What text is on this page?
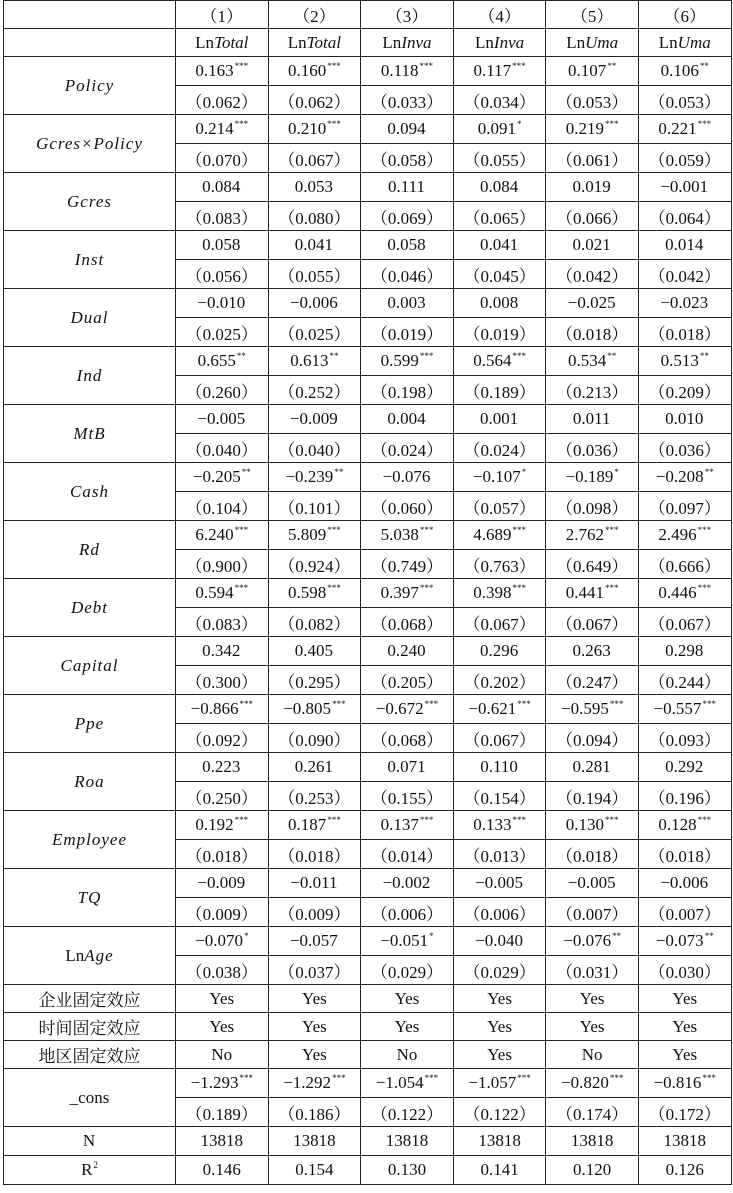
	（1）	（2）	（3）	（4）	（5）	（6）
	LnTotal	LnTotal	LnInva	LnInva	LnUma	LnUma
Policy	0.163***	0.160***	0.118***	0.117***	0.107**	0.106**
	（0.062）	（0.062）	（0.033）	（0.034）	（0.053）	（0.053）
Gcres×Policy	0.214***	0.210***	0.094	0.091*	0.219***	0.221***
	（0.070）	（0.067）	（0.058）	（0.055）	（0.061）	（0.059）
Gcres	0.084	0.053	0.111	0.084	0.019	−0.001
	（0.083）	（0.080）	（0.069）	（0.065）	（0.066）	（0.064）
Inst	0.058	0.041	0.058	0.041	0.021	0.014
	（0.056）	（0.055）	（0.046）	（0.045）	（0.042）	（0.042）
Dual	−0.010	−0.006	0.003	0.008	−0.025	−0.023
	（0.025）	（0.025）	（0.019）	（0.019）	（0.018）	（0.018）
Ind	0.655**	0.613**	0.599***	0.564***	0.534**	0.513**
	（0.260）	（0.252）	（0.198）	（0.189）	（0.213）	（0.209）
MtB	−0.005	−0.009	0.004	0.001	0.011	0.010
	（0.040）	（0.040）	（0.024）	（0.024）	（0.036）	（0.036）
Cash	−0.205**	−0.239**	−0.076	−0.107*	−0.189*	−0.208**
	（0.104）	（0.101）	（0.060）	（0.057）	（0.098）	（0.097）
Rd	6.240***	5.809***	5.038***	4.689***	2.762***	2.496***
	（0.900）	（0.924）	（0.749）	（0.763）	（0.649）	（0.666）
Debt	0.594***	0.598***	0.397***	0.398***	0.441***	0.446***
	（0.083）	（0.082）	（0.068）	（0.067）	（0.067）	（0.067）
Capital	0.342	0.405	0.240	0.296	0.263	0.298
	（0.300）	（0.295）	（0.205）	（0.202）	（0.247）	（0.244）
Ppe	−0.866***	−0.805***	−0.672***	−0.621***	−0.595***	−0.557***
	（0.092）	（0.090）	（0.068）	（0.067）	（0.094）	（0.093）
Roa	0.223	0.261	0.071	0.110	0.281	0.292
	（0.250）	（0.253）	（0.155）	（0.154）	（0.194）	（0.196）
Employee	0.192***	0.187***	0.137***	0.133***	0.130***	0.128***
	（0.018）	（0.018）	（0.014）	（0.013）	（0.018）	（0.018）
TQ	−0.009	−0.011	−0.002	−0.005	−0.005	−0.006
	（0.009）	（0.009）	（0.006）	（0.006）	（0.007）	（0.007）
LnAge	−0.070*	−0.057	−0.051*	−0.040	−0.076**	−0.073**
	（0.038）	（0.037）	（0.029）	（0.029）	（0.031）	（0.030）
企业固定效应	Yes	Yes	Yes	Yes	Yes	Yes
时间固定效应	Yes	Yes	Yes	Yes	Yes	Yes
地区固定效应	No	Yes	No	Yes	No	Yes
_cons	−1.293***	−1.292***	−1.054***	−1.057***	−0.820***	−0.816***
	（0.189）	（0.186）	（0.122）	（0.122）	（0.174）	（0.172）
N	13818	13818	13818	13818	13818	13818
$R^2$	0.146	0.154	0.130	0.141	0.120	0.126
